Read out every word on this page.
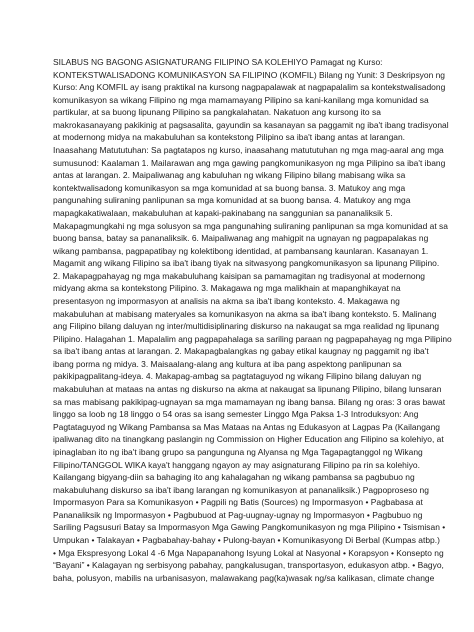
SILABUS NG BAGONG ASIGNATURANG FILIPINO SA KOLEHIYO Pamagat ng Kurso:
KONTEKSTWALISADONG KOMUNIKASYON SA FILIPINO (KOMFIL) Bilang ng Yunit: 3 Deskripsyon ng
Kurso: Ang KOMFIL ay isang praktikal na kursong nagpapalawak at nagpapalalim sa kontekstwalisadong
komunikasyon sa wikang Filipino ng mga mamamayang Pilipino sa kani-kanilang mga komunidad sa
partikular, at sa buong lipunang Pilipino sa pangkalahatan. Nakatuon ang kursong ito sa
makrokasanayang pakikinig at pagsasalita, gayundin sa kasanayan sa paggamit ng iba't ibang tradisyonal
at modernong midya na makabuluhan sa kontekstong Pilipino sa iba't ibang antas at larangan.
Inaasahang Matututuhan: Sa pagtatapos ng kurso, inaasahang matututuhan ng mga mag-aaral ang mga
sumusunod: Kaalaman 1. Mailarawan ang mga gawing pangkomunikasyon ng mga Pilipino sa iba't ibang
antas at larangan. 2. Maipaliwanag ang kabuluhan ng wikang Filipino bilang mabisang wika sa
kontektwalisadong komunikasyon sa mga komunidad at sa buong bansa. 3. Matukoy ang mga
pangunahing suliraning panlipunan sa mga komunidad at sa buong bansa. 4. Matukoy ang mga
mapagkakatiwalaan, makabuluhan at kapaki-pakinabang na sanggunian sa pananaliksik 5.
Makapagmungkahi ng mga solusyon sa mga pangunahing suliraning panlipunan sa mga komunidad at sa
buong bansa, batay sa pananaliksik. 6. Maipaliwanag ang mahigpit na ugnayan ng pagpapalakas ng
wikang pambansa, pagpapatibay ng kolektibong identidad, at pambansang kaunlaran. Kasanayan 1.
Magamit ang wikang Filipino sa iba't ibang tiyak na sitwasyong pangkomunikasyon sa lipunang Pilipino.
2. Makapagpahayag ng mga makabuluhang kaisipan sa pamamagitan ng tradisyonal at modernong
midyang akma sa kontekstong Pilipino. 3. Makagawa ng mga malikhain at mapanghikayat na
presentasyon ng impormasyon at analisis na akma sa iba't ibang konteksto. 4. Makagawa ng
makabuluhan at mabisang materyales sa komunikasyon na akma sa iba't ibang konteksto. 5. Malinang
ang Filipino bilang daluyan ng inter/multidisiplinaring diskurso na nakaugat sa mga realidad ng lipunang
Pilipino. Halagahan 1. Mapalalim ang pagpapahalaga sa sariling paraan ng pagpapahayag ng mga Pilipino
sa iba't ibang antas at larangan. 2. Makapagbalangkas ng gabay etikal kaugnay ng paggamit ng iba't
ibang porma ng midya. 3. Maisaalang-alang ang kultura at iba pang aspektong panlipunan sa
pakikipagpalitang-ideya. 4. Makapag-ambag sa pagtataguyod ng wikang Filipino bilang daluyan ng
makabuluhan at mataas na antas ng diskurso na akma at nakaugat sa lipunang Pilipino, bilang lunsaran
sa mas mabisang pakikipag-ugnayan sa mga mamamayan ng ibang bansa. Bilang ng oras: 3 oras bawat
linggo sa loob ng 18 linggo o 54 oras sa isang semester Linggo Mga Paksa 1-3 Introduksyon: Ang
Pagtataguyod ng Wikang Pambansa sa Mas Mataas na Antas ng Edukasyon at Lagpas Pa (Kailangang
ipaliwanag dito na tinangkang paslangin ng Commission on Higher Education ang Filipino sa kolehiyo, at
ipinaglaban ito ng iba't ibang grupo sa pangunguna ng Alyansa ng Mga Tagapagtanggol ng Wikang
Filipino/TANGGOL WIKA kaya't hanggang ngayon ay may asignaturang Filipino pa rin sa kolehiyo.
Kailangang bigyang-diin sa bahaging ito ang kahalagahan ng wikang pambansa sa pagbubuo ng
makabuluhang diskurso sa iba't ibang larangan ng komunikasyon at pananaliksik.) Pagpoproseso ng
Impormasyon Para sa Komunikasyon • Pagpili ng Batis (Sources) ng Impormasyon • Pagbabasa at
Pananaliksik ng Impormasyon • Pagbubuod at Pag-uugnay-ugnay ng Impormasyon • Pagbubuo ng
Sariling Pagsusuri Batay sa Impormasyon Mga Gawing Pangkomunikasyon ng mga Pilipino • Tsismisan •
Umpukan • Talakayan • Pagbabahay-bahay • Pulong-bayan • Komunikasyong Di Berbal (Kumpas atbp.)
• Mga Ekspresyong Lokal 4 -6 Mga Napapanahong Isyung Lokal at Nasyonal • Korapsyon • Konsepto ng
“Bayani” • Kalagayan ng serbisyong pabahay, pangkalusugan, transportasyon, edukasyon atbp. • Bagyo,
baha, polusyon, mabilis na urbanisasyon, malawakang pag(ka)wasak ng/sa kalikasan, climate change
